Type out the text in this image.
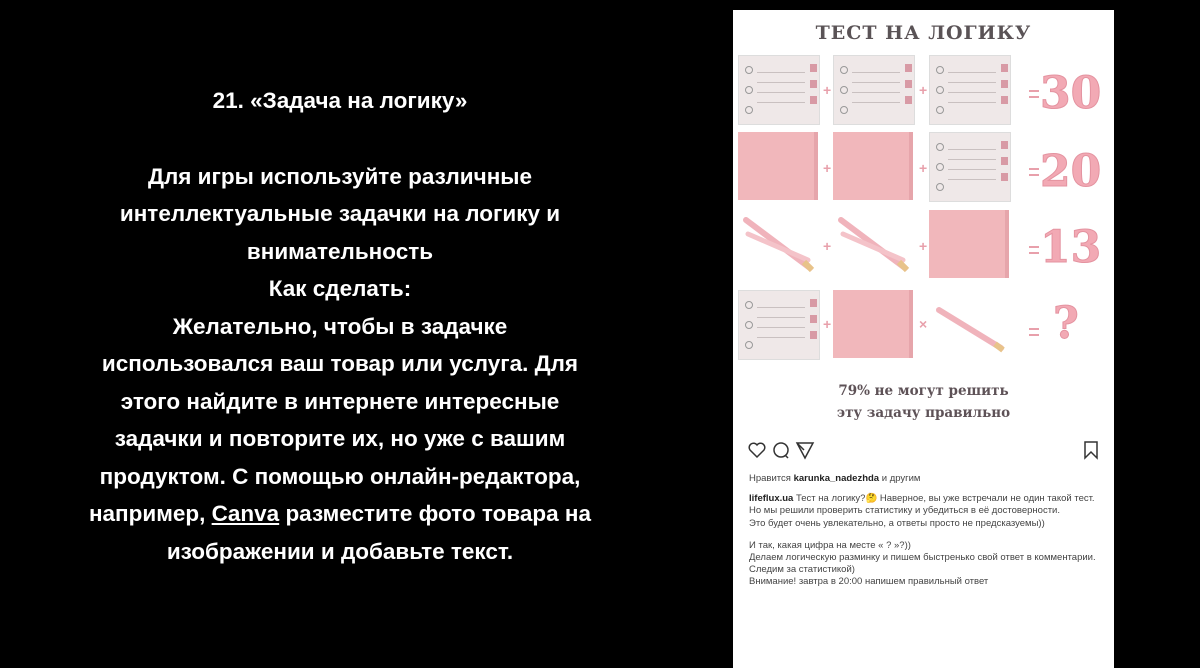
21. «Задача на логику»
Для игры используйте различные
интеллектуальные задачки на логику и
внимательность
Как сделать:
Желательно, чтобы в задачке
использовался ваш товар или услуга. Для
этого найдите в интернете интересные
задачки и повторите их, но уже с вашим
продуктом. С помощью онлайн-редактора,
например, Canva разместите фото товара на
изображении и добавьте текст.
ТЕСТ НА ЛОГИКУ
+	+	30
+	+	20
+	+	13
+	×	?
79% не могут решить
эту задачу правильно

Нравится karunka_nadezhda и другим

lifeflux.ua Тест на логику?🤔 Наверное, вы уже встречали не один такой тест. Но мы решили проверить статистику и убедиться в её достоверности.

Это будет очень увлекательно, а ответы просто не предсказуемы))

И так, какая цифра на месте « ? »?))

Делаем логическую разминку и пишем быстренько свой ответ в комментарии. Следим за статистикой)

Внимание! завтра в 20:00 напишем правильный ответ
